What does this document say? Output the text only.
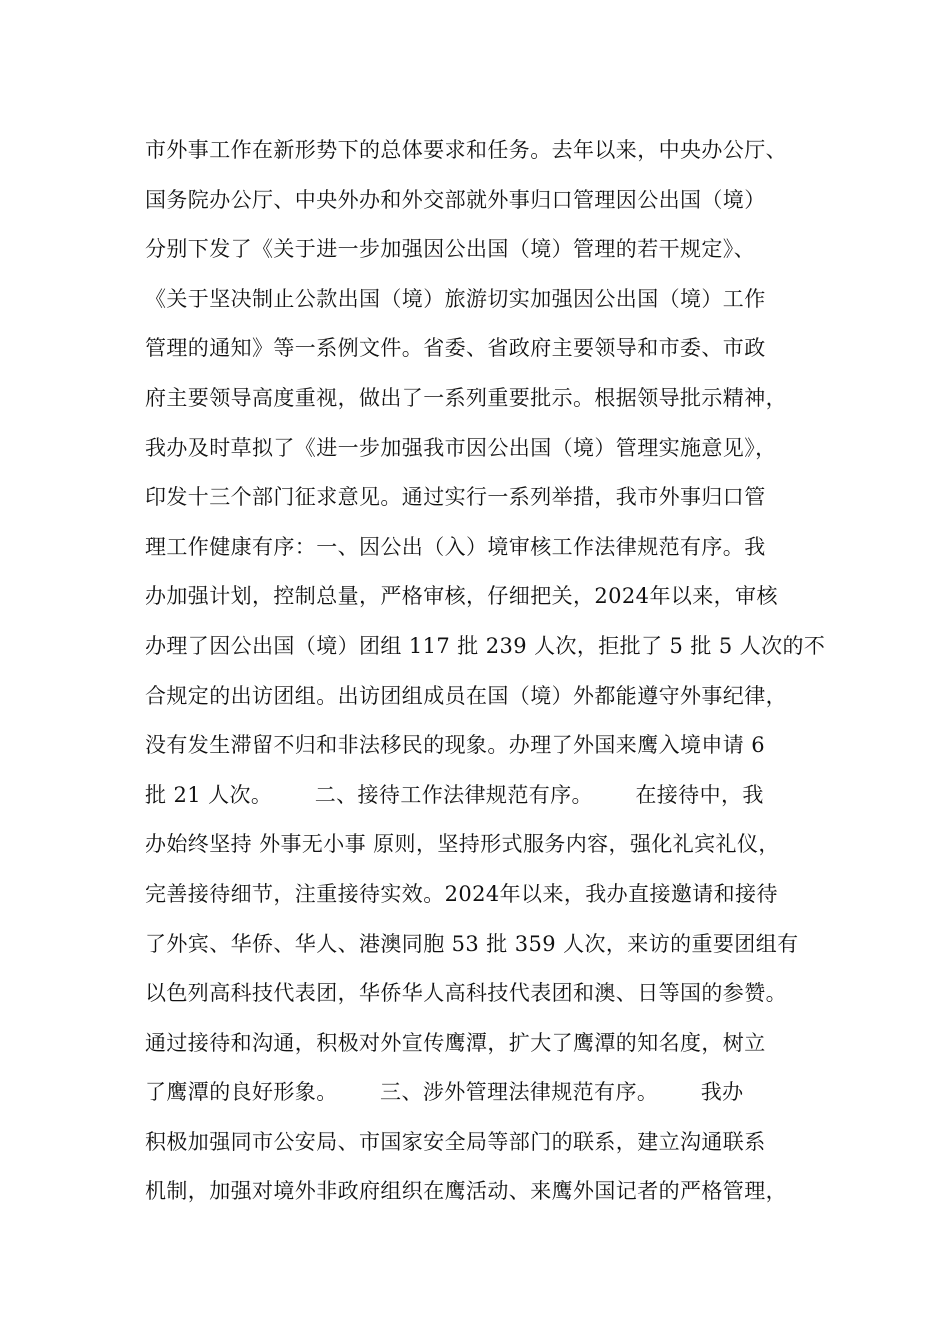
市外事工作在新形势下的总体要求和任务。去年以来，中央办公厅、
国务院办公厅、中央外办和外交部就外事归口管理因公出国（境）
分别下发了《关于进一步加强因公出国（境）管理的若干规定》、
《关于坚决制止公款出国（境）旅游切实加强因公出国（境）工作
管理的通知》等一系例文件。省委、省政府主要领导和市委、市政
府主要领导高度重视，做出了一系列重要批示。根据领导批示精神，
我办及时草拟了《进一步加强我市因公出国（境）管理实施意见》，
印发十三个部门征求意见。通过实行一系列举措，我市外事归口管
理工作健康有序：一、因公出（入）境审核工作法律规范有序。我
办加强计划，控制总量，严格审核，仔细把关，2024年以来，审核
办理了因公出国（境）团组 117 批 239 人次，拒批了 5 批 5 人次的不
合规定的出访团组。出访团组成员在国（境）外都能遵守外事纪律，
没有发生滞留不归和非法移民的现象。办理了外国来鹰入境申请 6
批 21 人次。      二、接待工作法律规范有序。      在接待中，我
办始终坚持 外事无小事 原则，坚持形式服务内容，强化礼宾礼仪，
完善接待细节，注重接待实效。2024年以来，我办直接邀请和接待
了外宾、华侨、华人、港澳同胞 53 批 359 人次，来访的重要团组有
以色列高科技代表团，华侨华人高科技代表团和澳、日等国的参赞。
通过接待和沟通，积极对外宣传鹰潭，扩大了鹰潭的知名度，树立
了鹰潭的良好形象。      三、涉外管理法律规范有序。      我办
积极加强同市公安局、市国家安全局等部门的联系，建立沟通联系
机制，加强对境外非政府组织在鹰活动、来鹰外国记者的严格管理，
